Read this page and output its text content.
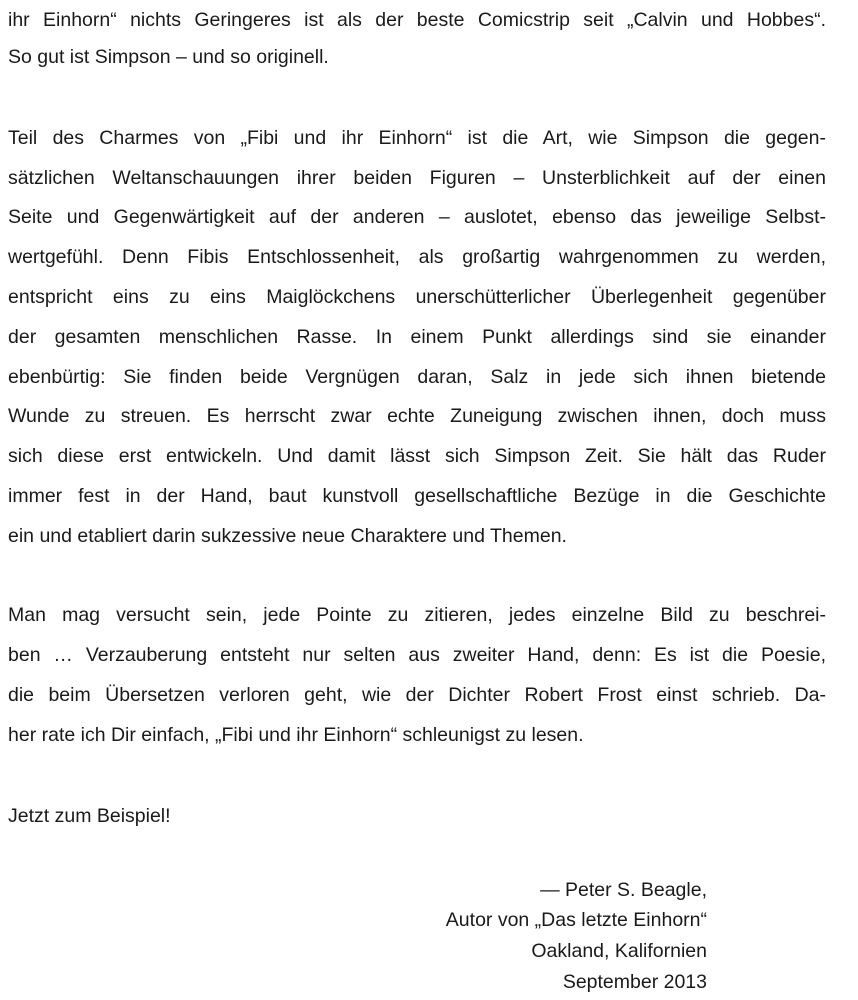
ihr Einhorn“ nichts Geringeres ist als der beste Comicstrip seit „Calvin und Hobbes“.
So gut ist Simpson – und so originell.
Teil des Charmes von „Fibi und ihr Einhorn“ ist die Art, wie Simpson die gegen-
sätzlichen Weltanschauungen ihrer beiden Figuren – Unsterblichkeit auf der einen
Seite und Gegenwärtigkeit auf der anderen – auslotet, ebenso das jeweilige Selbst-
wertgefühl. Denn Fibis Entschlossenheit, als großartig wahrgenommen zu werden,
entspricht eins zu eins Maiglöckchens unerschütterlicher Überlegenheit gegenüber
der gesamten menschlichen Rasse. In einem Punkt allerdings sind sie einander
ebenbürtig: Sie finden beide Vergnügen daran, Salz in jede sich ihnen bietende
Wunde zu streuen. Es herrscht zwar echte Zuneigung zwischen ihnen, doch muss
sich diese erst entwickeln. Und damit lässt sich Simpson Zeit. Sie hält das Ruder
immer fest in der Hand, baut kunstvoll gesellschaftliche Bezüge in die Geschichte
ein und etabliert darin sukzessive neue Charaktere und Themen.
Man mag versucht sein, jede Pointe zu zitieren, jedes einzelne Bild zu beschrei-
ben … Verzauberung entsteht nur selten aus zweiter Hand, denn: Es ist die Poesie,
die beim Übersetzen verloren geht, wie der Dichter Robert Frost einst schrieb. Da-
her rate ich Dir einfach, „Fibi und ihr Einhorn“ schleunigst zu lesen.
Jetzt zum Beispiel!
— Peter S. Beagle,
Autor von „Das letzte Einhorn“
Oakland, Kalifornien
September 2013
